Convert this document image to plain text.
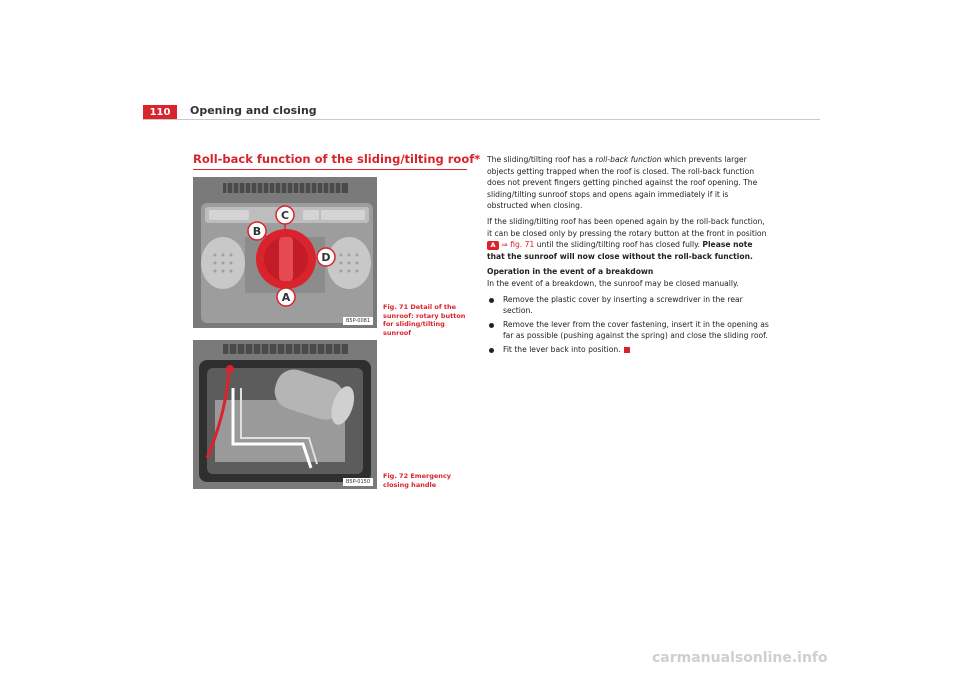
110	Opening and closing
Roll-back function of the sliding/tilting roof*
B
C
D
A
B5P-0081
Fig. 71 Detail of the sunroof: rotary button for sliding/tilting sunroof
B5P-0150
Fig. 72 Emergency closing handle

The sliding/tilting roof has a roll-back function which prevents larger objects getting trapped when the roof is closed. The roll-back function does not prevent fingers getting pinched against the roof opening. The sliding/tilting sunroof stops and opens again immediately if it is obstructed when closing.

If the sliding/tilting roof has been opened again by the roll-back function, it can be closed only by pressing the rotary button at the front in position A ⇒ fig. 71 until the sliding/tilting roof has closed fully. Please note that the sunroof will now close without the roll-back function.

Operation in the event of a breakdown

In the event of a breakdown, the sunroof may be closed manually.

Remove the plastic cover by inserting a screwdriver in the rear section.
Remove the lever from the cover fastening, insert it in the opening as far as possible (pushing against the spring) and close the sliding roof.
Fit the lever back into position.
carmanualsonline.info
